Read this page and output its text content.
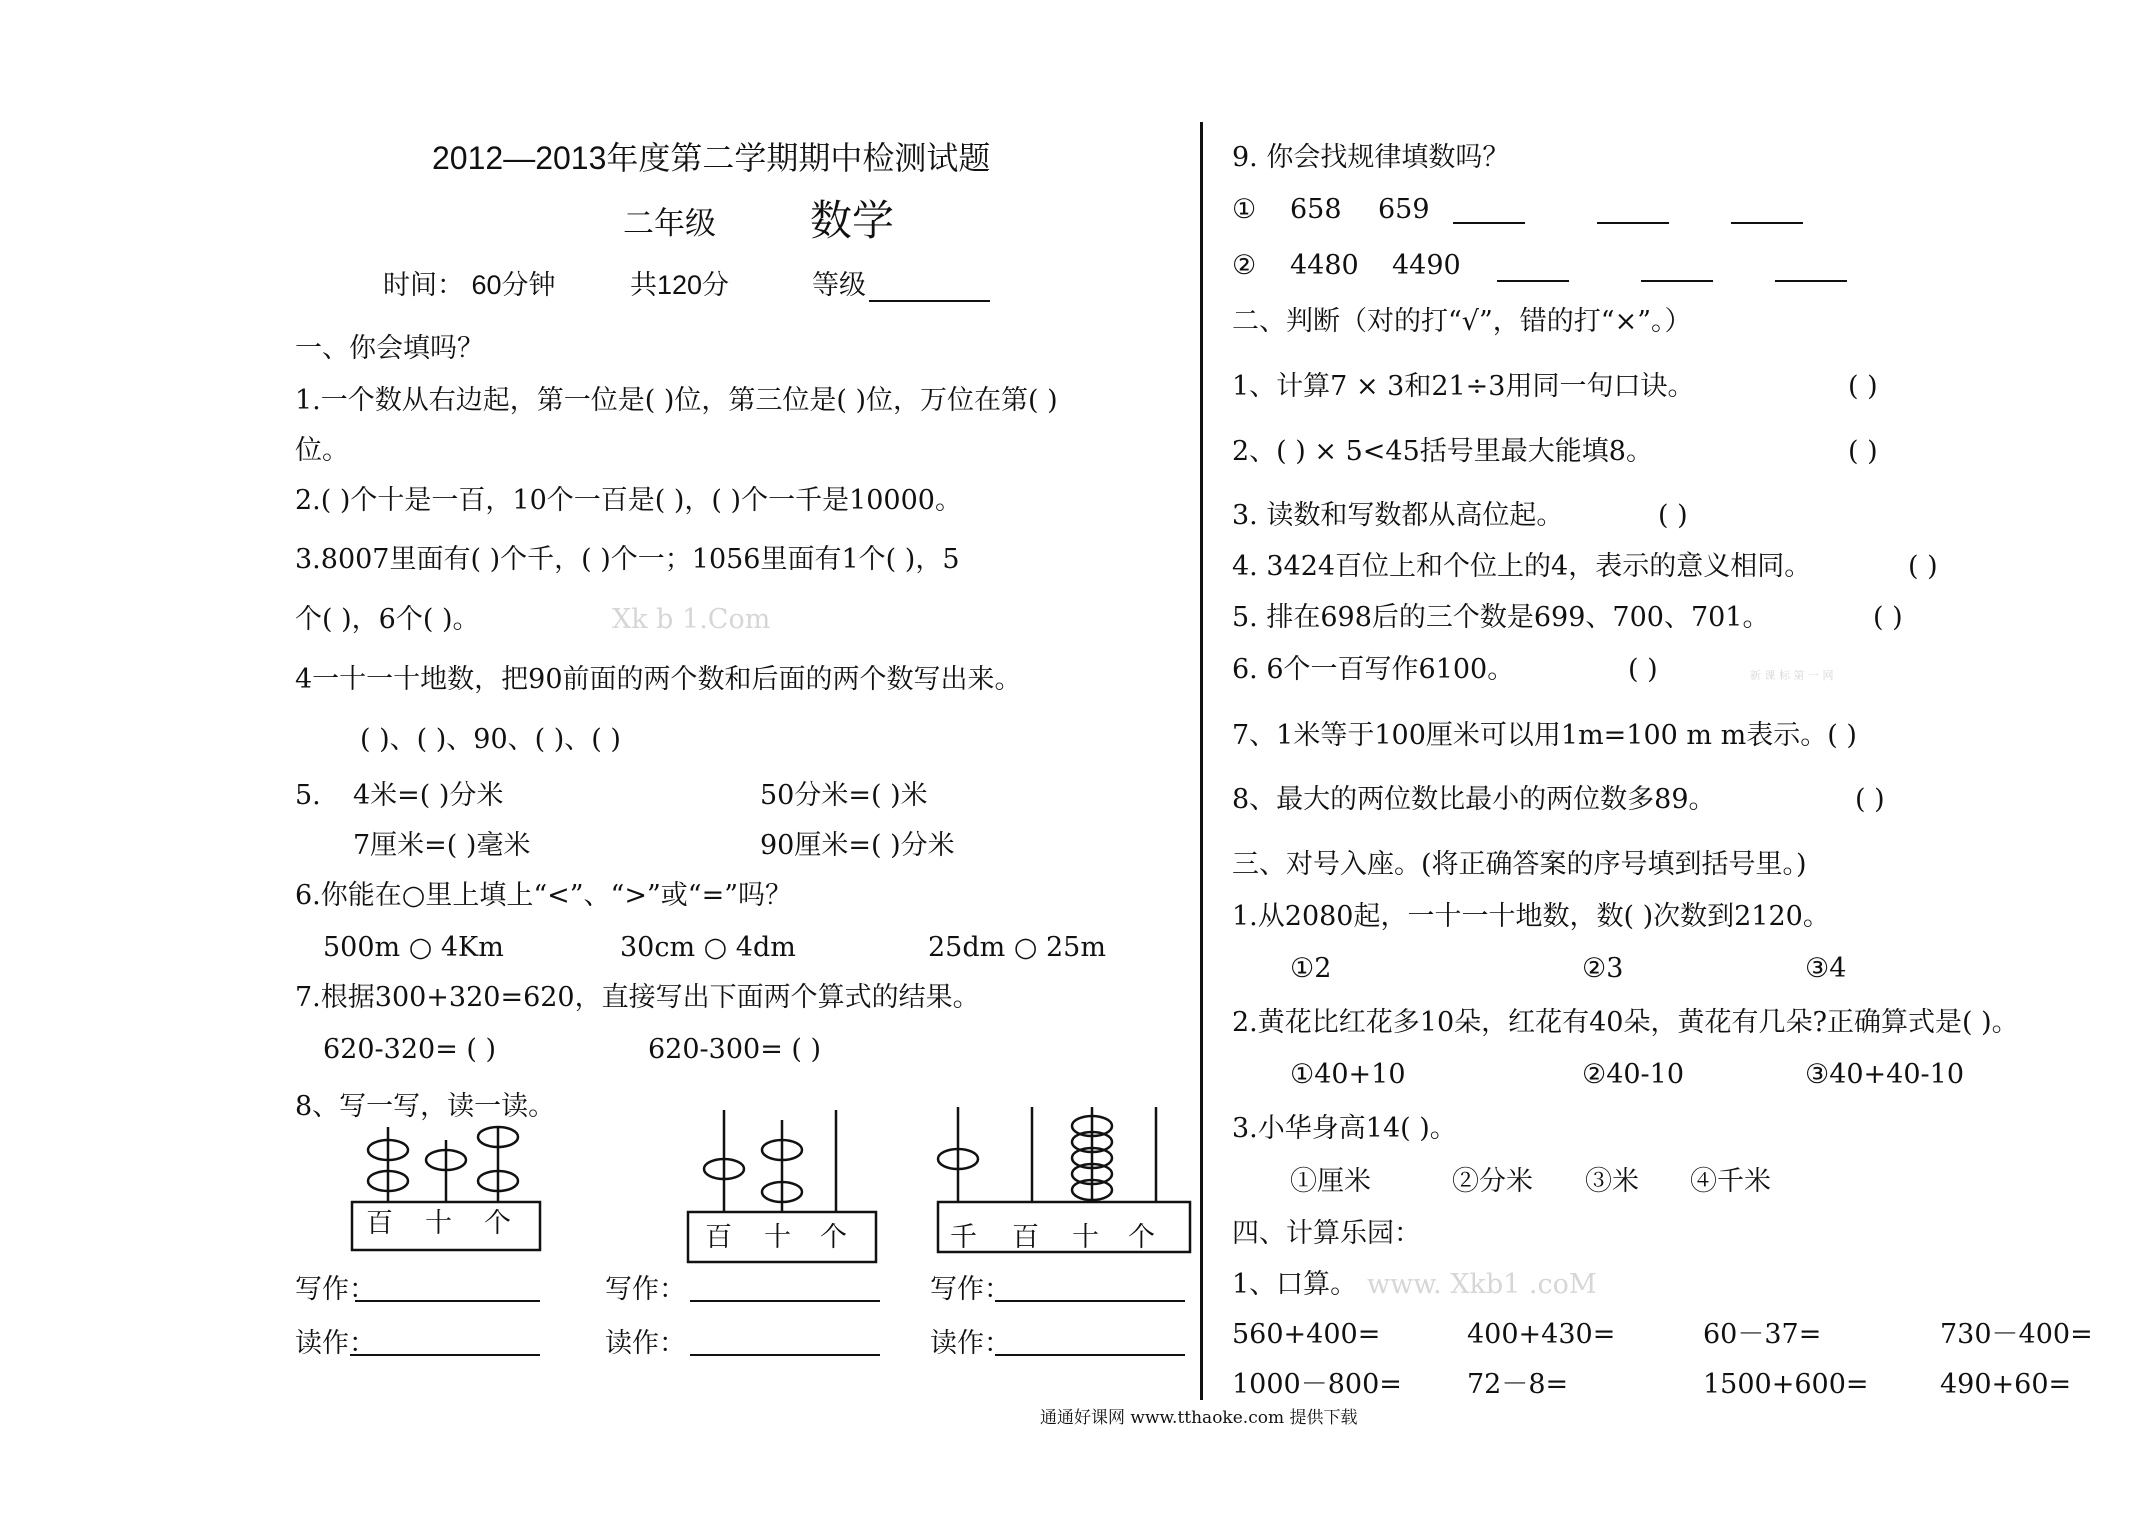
2012—2013年度第二学期期中检测试题
二年级 数学
时间： 60分钟	共120分	等级
一、你会填吗？
1.一个数从右边起，第一位是( )位，第三位是( )位，万位在第( )
位。
2.( )个十是一百，10个一百是( )，( )个一千是10000。
3.8007里面有( )个千，( )个一；1056里面有1个( )，5
个( )，6个( )。	Xk b 1.Com
4一十一十地数，把90前面的两个数和后面的两个数写出来。
( )、( )、90、( )、( )
5. 4米=( )分米	50分米=( )米
7厘米=( )毫米	90厘米=( )分米
6.你能在○里上填上“<”、“>”或“=”吗？
500m ○ 4Km	30cm ○ 4dm	25dm ○ 25m
7.根据300+320=620，直接写出下面两个算式的结果。
620-320= ( )	620-300= ( )
8、写一写，读一读。
百 十 个	百 十 个	千 百 十 个
写作：	写作：	写作：
读作：	读作：	读作：
9. 你会找规律填数吗？
① 658 659
② 4480 4490
二、判断（对的打“√”，错的打“×”。）
1、计算7 × 3和21÷3用同一句口诀。	( )
2、( ) × 5<45括号里最大能填8。	( )
3. 读数和写数都从高位起。	( )
4. 3424百位上和个位上的4，表示的意义相同。	( )
5. 排在698后的三个数是699、700、701。	( )
6. 6个一百写作6100。	( )	新 课 标 第 一 网
7、1米等于100厘米可以用1m=100 m m表示。( )
8、最大的两位数比最小的两位数多89。	( )
三、对号入座。(将正确答案的序号填到括号里。)
1.从2080起，一十一十地数，数( )次数到2120。
①2	②3	③4
2.黄花比红花多10朵，红花有40朵，黄花有几朵?正确算式是( )。
①40+10	②40-10	③40+40-10
3.小华身高14( )。
①厘米	②分米 ③米 ④千米
四、计算乐园：
1、口算。 www. Xkb1 .coM
560+400=	400+430=	60－37=	730－400=
1000－800= 72－8=	1500+600=	490+60=
通通好课网 www.tthaoke.com 提供下载
